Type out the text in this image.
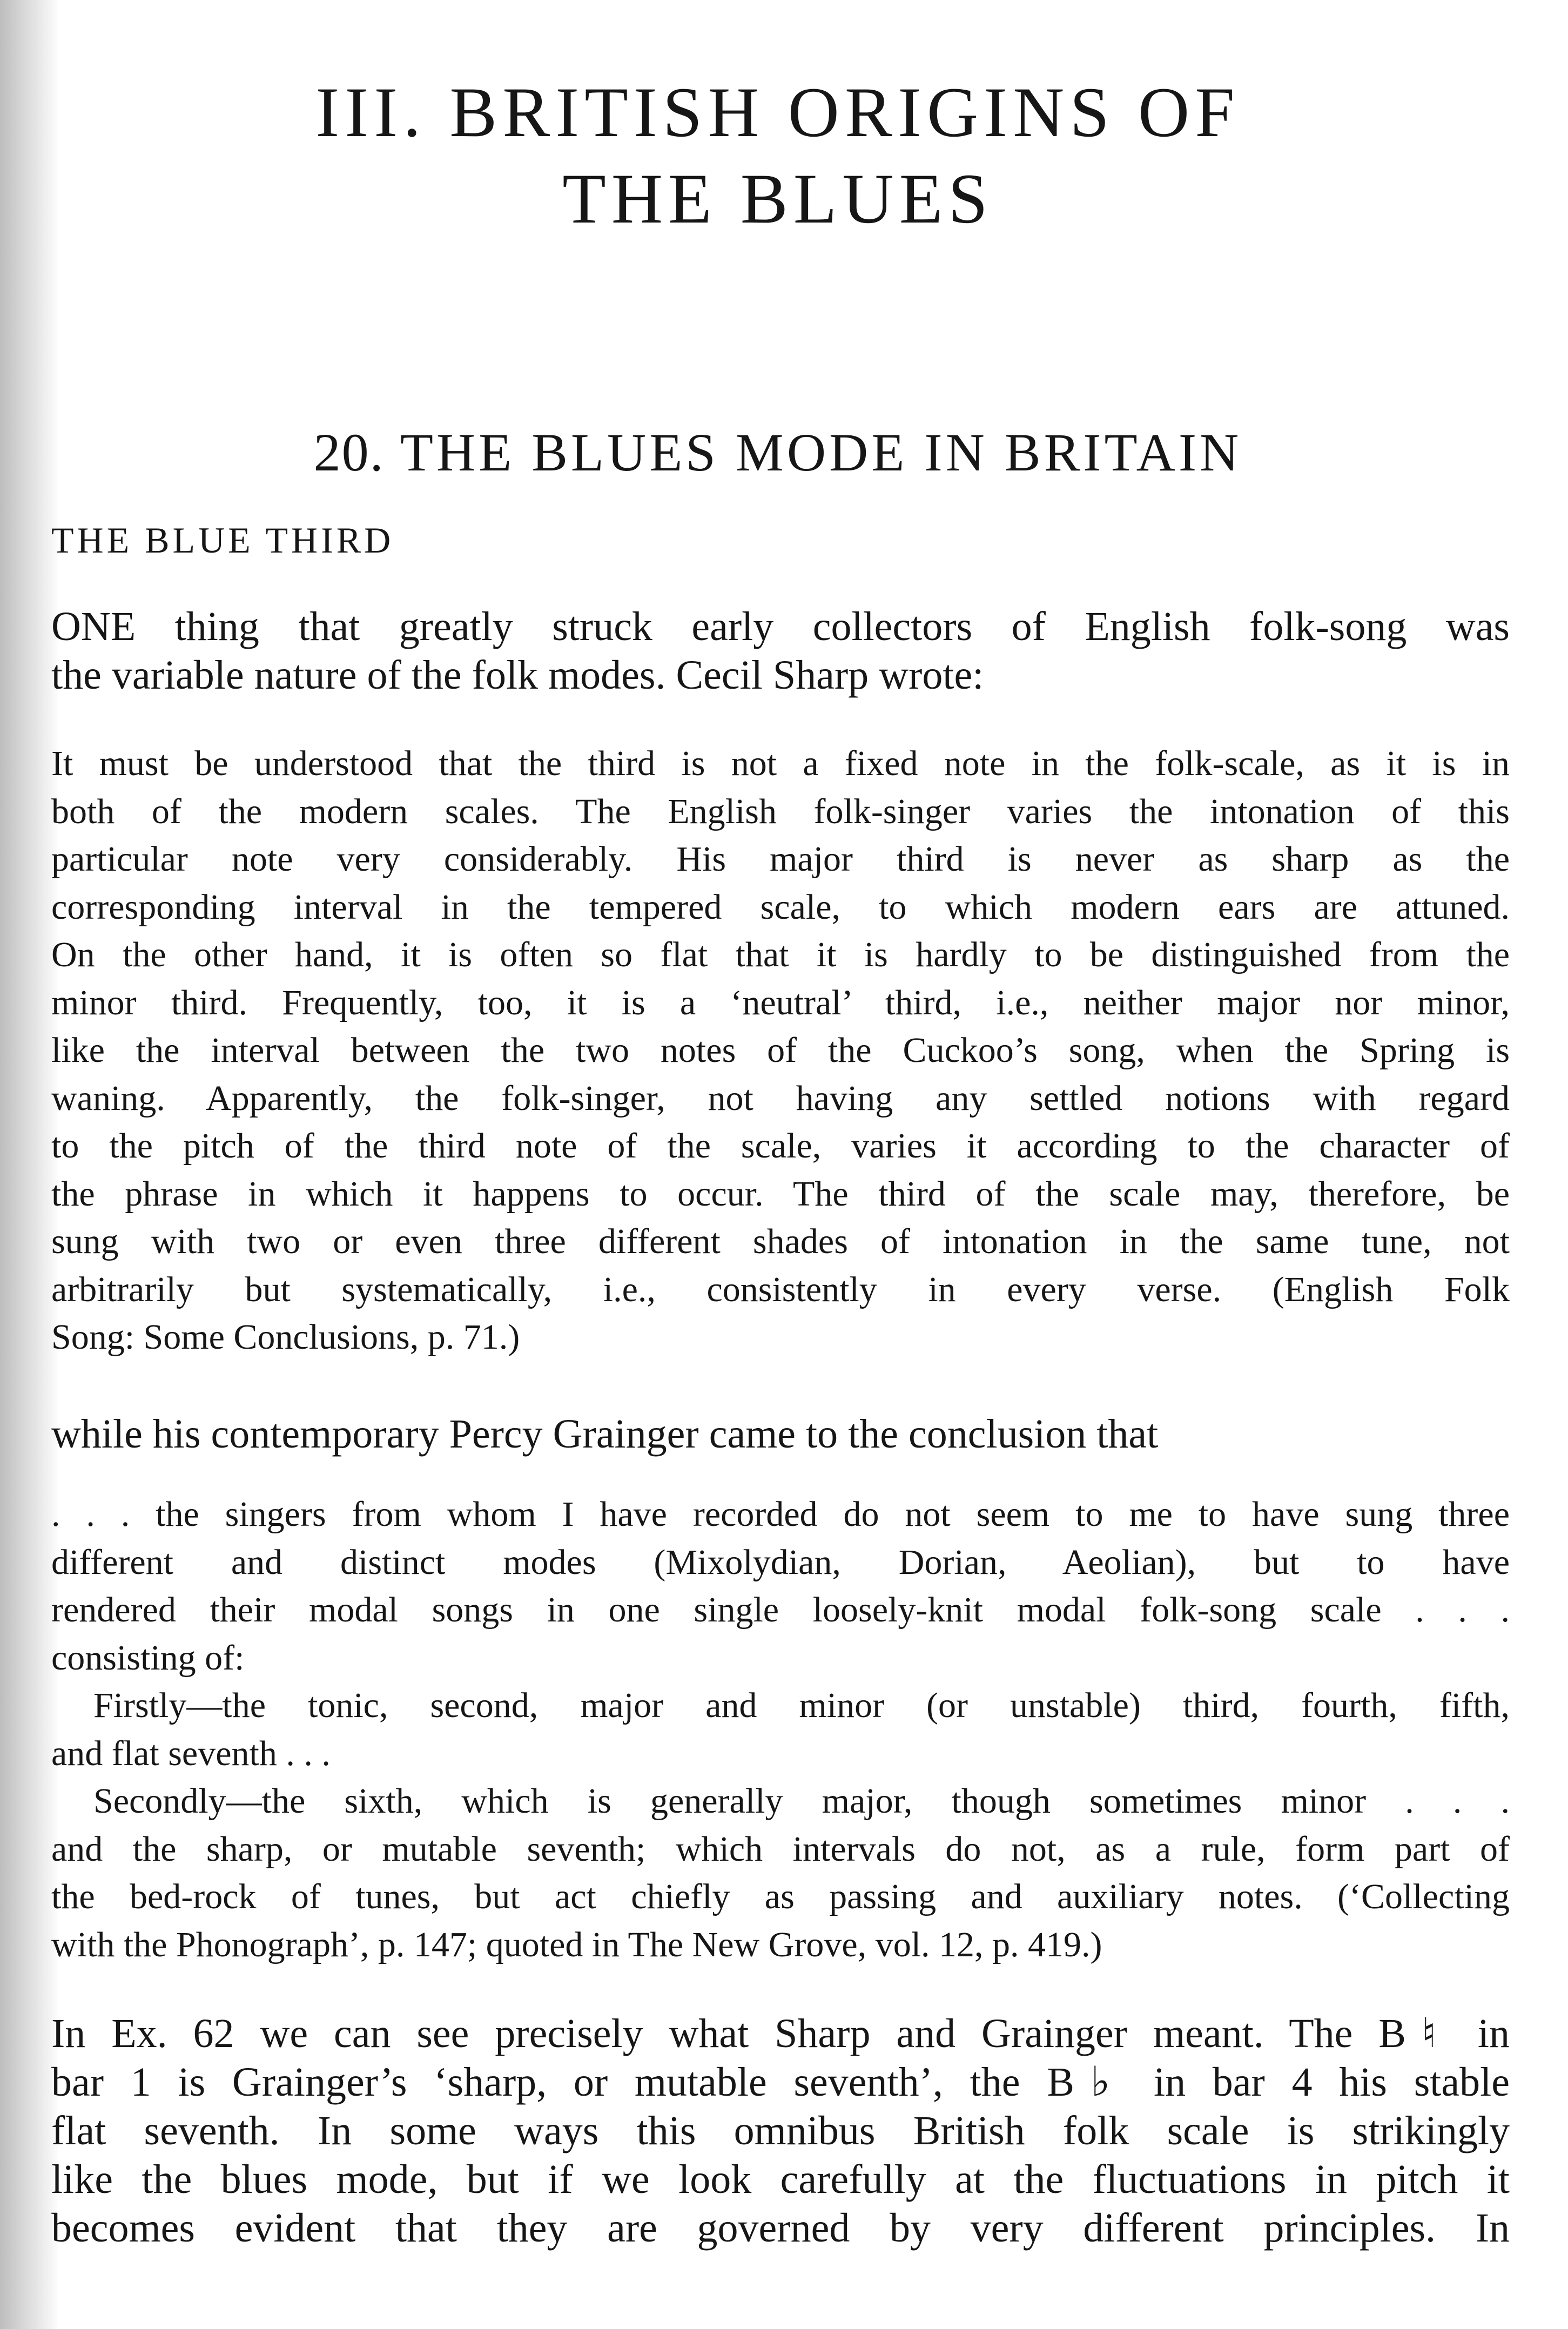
III. BRITISH ORIGINS OF
THE BLUES
20. THE BLUES MODE IN BRITAIN
THE BLUE THIRD
ONE thing that greatly struck early collectors of English folk-song was
the variable nature of the folk modes. Cecil Sharp wrote:
It must be understood that the third is not a fixed note in the folk-scale, as it is in
both of the modern scales. The English folk-singer varies the intonation of this
particular note very considerably. His major third is never as sharp as the
corresponding interval in the tempered scale, to which modern ears are attuned.
On the other hand, it is often so flat that it is hardly to be distinguished from the
minor third. Frequently, too, it is a ‘neutral’ third, i.e., neither major nor minor,
like the interval between the two notes of the Cuckoo’s song, when the Spring is
waning. Apparently, the folk-singer, not having any settled notions with regard
to the pitch of the third note of the scale, varies it according to the character of
the phrase in which it happens to occur. The third of the scale may, therefore, be
sung with two or even three different shades of intonation in the same tune, not
arbitrarily but systematically, i.e., consistently in every verse. (English Folk
Song: Some Conclusions, p. 71.)
while his contemporary Percy Grainger came to the conclusion that
. . . the singers from whom I have recorded do not seem to me to have sung three
different and distinct modes (Mixolydian, Dorian, Aeolian), but to have
rendered their modal songs in one single loosely-knit modal folk-song scale . . .
consisting of:
Firstly—the tonic, second, major and minor (or unstable) third, fourth, fifth,
and flat seventh . . .
Secondly—the sixth, which is generally major, though sometimes minor . . .
and the sharp, or mutable seventh; which intervals do not, as a rule, form part of
the bed-rock of tunes, but act chiefly as passing and auxiliary notes. (‘Collecting
with the Phonograph’, p. 147; quoted in The New Grove, vol. 12, p. 419.)
In Ex. 62 we can see precisely what Sharp and Grainger meant. The B♮ in
bar 1 is Grainger’s ‘sharp, or mutable seventh’, the B♭ in bar 4 his stable
flat seventh. In some ways this omnibus British folk scale is strikingly
like the blues mode, but if we look carefully at the fluctuations in pitch it
becomes evident that they are governed by very different principles. In
